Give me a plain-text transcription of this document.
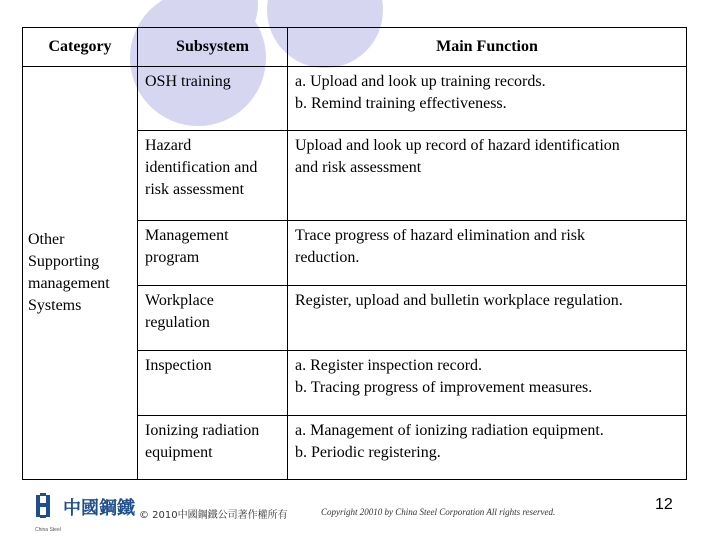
Category	Subsystem	Main Function

Other
Supporting
management
Systems	OSH training	a. Upload and look up training records.
b. Remind training effectiveness.

	Hazard
identification and
risk assessment	Upload and look up record of hazard identification
and risk assessment

	Management
program	Trace progress of hazard elimination and risk
reduction.

	Workplace
regulation	Register, upload and bulletin workplace regulation.

	Inspection	a. Register inspection record.
b. Tracing progress of improvement measures.

	Ionizing radiation
equipment	a. Management of ionizing radiation equipment.
b. Periodic registering.
中國鋼鐵
China Steel
© 2010中國鋼鐵公司著作權所有	Copyright 20010 by China Steel Corporation All rights reserved.	12
